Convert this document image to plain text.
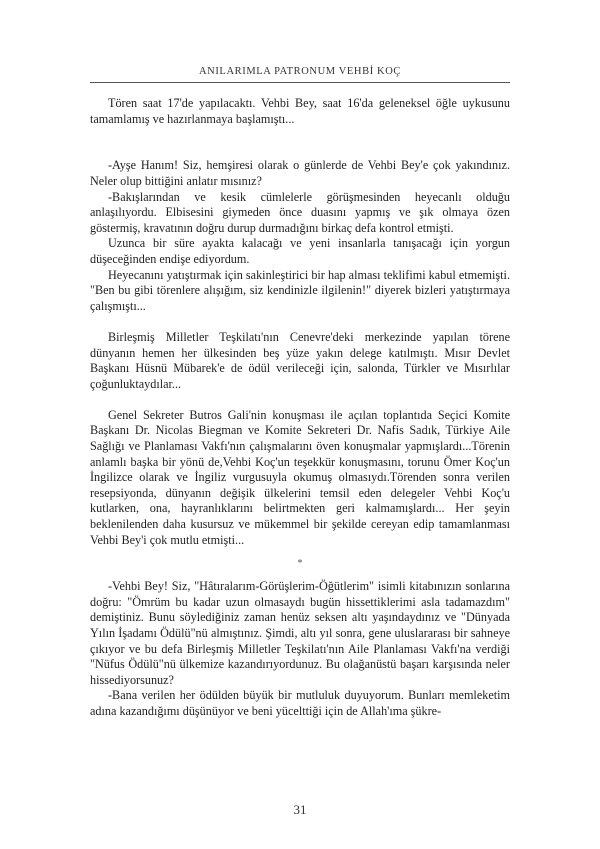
ANILARIMLA PATRONUM VEHBİ KOÇ

Tören saat 17'de yapılacaktı. Vehbi Bey, saat 16'da geleneksel öğle uykusunu tamamlamış ve hazırlanmaya başlamıştı...

-Ayşe Hanım! Siz, hemşiresi olarak o günlerde de Vehbi Bey'e çok yakındınız. Neler olup bittiğini anlatır mısınız?

-Bakışlarından ve kesik cümlelerle görüşmesinden heyecanlı olduğu anlaşılıyordu. Elbisesini giymeden önce duasını yapmış ve şık olmaya özen göstermiş, kravatının doğru durup durmadığını birkaç defa kontrol etmişti.

Uzunca bir süre ayakta kalacağı ve yeni insanlarla tanışacağı için yorgun düşeceğinden endişe ediyordum.

Heyecanını yatıştırmak için sakinleştirici bir hap alması teklifimi kabul etmemişti. "Ben bu gibi törenlere alışığım, siz kendinizle ilgilenin!" diyerek bizleri yatıştırmaya çalışmıştı...

Birleşmiş Milletler Teşkilatı'nın Cenevre'deki merkezinde yapılan törene dünyanın hemen her ülkesinden beş yüze yakın delege katılmıştı. Mısır Devlet Başkanı Hüsnü Mübarek'e de ödül verileceği için, salonda, Türkler ve Mısırlılar çoğunluktaydılar...

Genel Sekreter Butros Gali'nin konuşması ile açılan toplantıda Seçici Komite Başkanı Dr. Nicolas Biegman ve Komite Sekreteri Dr. Nafis Sadık, Türkiye Aile Sağlığı ve Planlaması Vakfı'nın çalışmalarını öven konuşmalar yapmışlardı...Törenin anlamlı başka bir yönü de,Vehbi Koç'un teşekkür konuşmasını, torunu Ömer Koç'un İngilizce olarak ve İngiliz vurgusuyla okumuş olmasıydı.Törenden sonra verilen resepsiyonda, dünyanın değişik ülkelerini temsil eden delegeler Vehbi Koç'u kutlarken, ona, hayranlıklarını belirtmekten geri kalmamışlardı... Her şeyin beklenilenden daha kusursuz ve mükemmel bir şekilde cereyan edip tamamlanması Vehbi Bey'i çok mutlu etmişti...

*

-Vehbi Bey! Siz, "Hâtıralarım-Görüşlerim-Öğütlerim" isimli kitabınızın sonlarına doğru: "Ömrüm bu kadar uzun olmasaydı bugün hissettiklerimi asla tadamazdım" demiştiniz. Bunu söylediğiniz zaman henüz seksen altı yaşındaydınız ve "Dünyada Yılın İşadamı Ödülü"nü almıştınız. Şimdi, altı yıl sonra, gene uluslararası bir sahneye çıkıyor ve bu defa Birleşmiş Milletler Teşkilatı'nın Aile Planlaması Vakfı'na verdiği "Nüfus Ödülü"nü ülkemize kazandırıyordunuz. Bu olağanüstü başarı karşısında neler hissediyorsunuz?

-Bana verilen her ödülden büyük bir mutluluk duyuyorum. Bunları memleketim adına kazandığımı düşünüyor ve beni yücelttiği için de Allah'ıma şükre-

31
